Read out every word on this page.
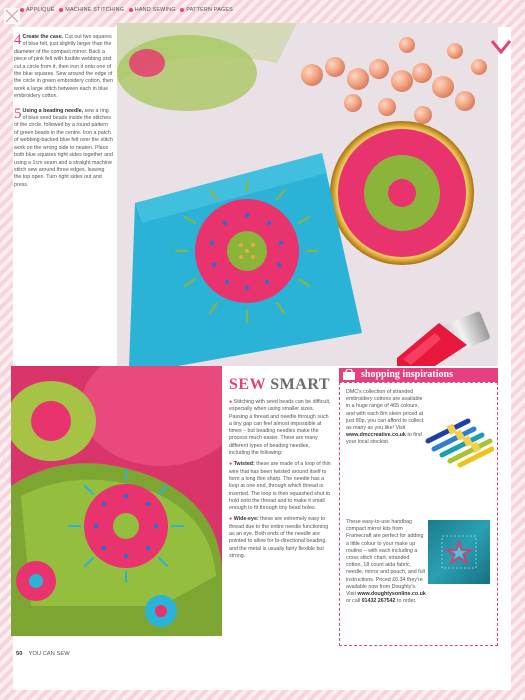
APPLIQUÉ MACHINE STITCHING HAND SEWING PATTERN PAGES

4 Create the case. Cut out two squares of blue felt, just slightly larger than the diameter of the compact mirror. Back a piece of pink felt with fusible webbing and cut a circle from it, then iron it onto one of the blue squares. Sew around the edge of the circle in green embroidery cotton, then work a large stitch between each in blue embroidery cotton.

5 Using a beading needle, sew a ring of blue seed beads inside the stitches of the circle, followed by a round pattern of green beads in the centre. Iron a patch of webbing-backed blue felt over the stitch work on the wrong side to neaten. Place both blue squares right sides together and using a 1cm seam and a straight machine stitch sew around three edges, leaving the top open. Turn right sides out and press.

SEW SMART

● Stitching with seed beads can be difficult, especially when using smaller sizes. Passing a thread and needle through such a tiny gap can feel almost impossible at times – but beading needles make the process much easier. There are many different types of beading needles, including the following:

● Twisted: these are made of a loop of thin wire that has been twisted around itself to form a long thin sharp. The needle has a loop at one end, through which thread is inserted. The loop is then squashed shut to hold onto the thread and to make it small enough to fit through tiny bead holes.

● Wide-eye: these are extremely easy to thread due to the entire needle functioning as an eye. Both ends of the needle are pointed to allow for bi-directional beading, and the metal is usually fairly flexible but strong.

shopping inspirations
DMC's collection of stranded embroidery cottons are available in a huge range of 465 colours, and with each 8m skein priced at just 80p, you can afford to collect as many as you like! Visit www.dmccreative.co.uk to find your local stockist.
These easy-to-use handbag compact mirror kits from Framecraft are perfect for adding a little colour to your make up routine – with each including a cross stitch chart, stranded cotton, 18 count aida fabric, needle, mirror and pouch, and full instructions. Priced £6.34 they're available now from Doughty's. Visit www.doughtysonline.co.uk or call 01432 267542 to order.
50 YOU CAN SEW
